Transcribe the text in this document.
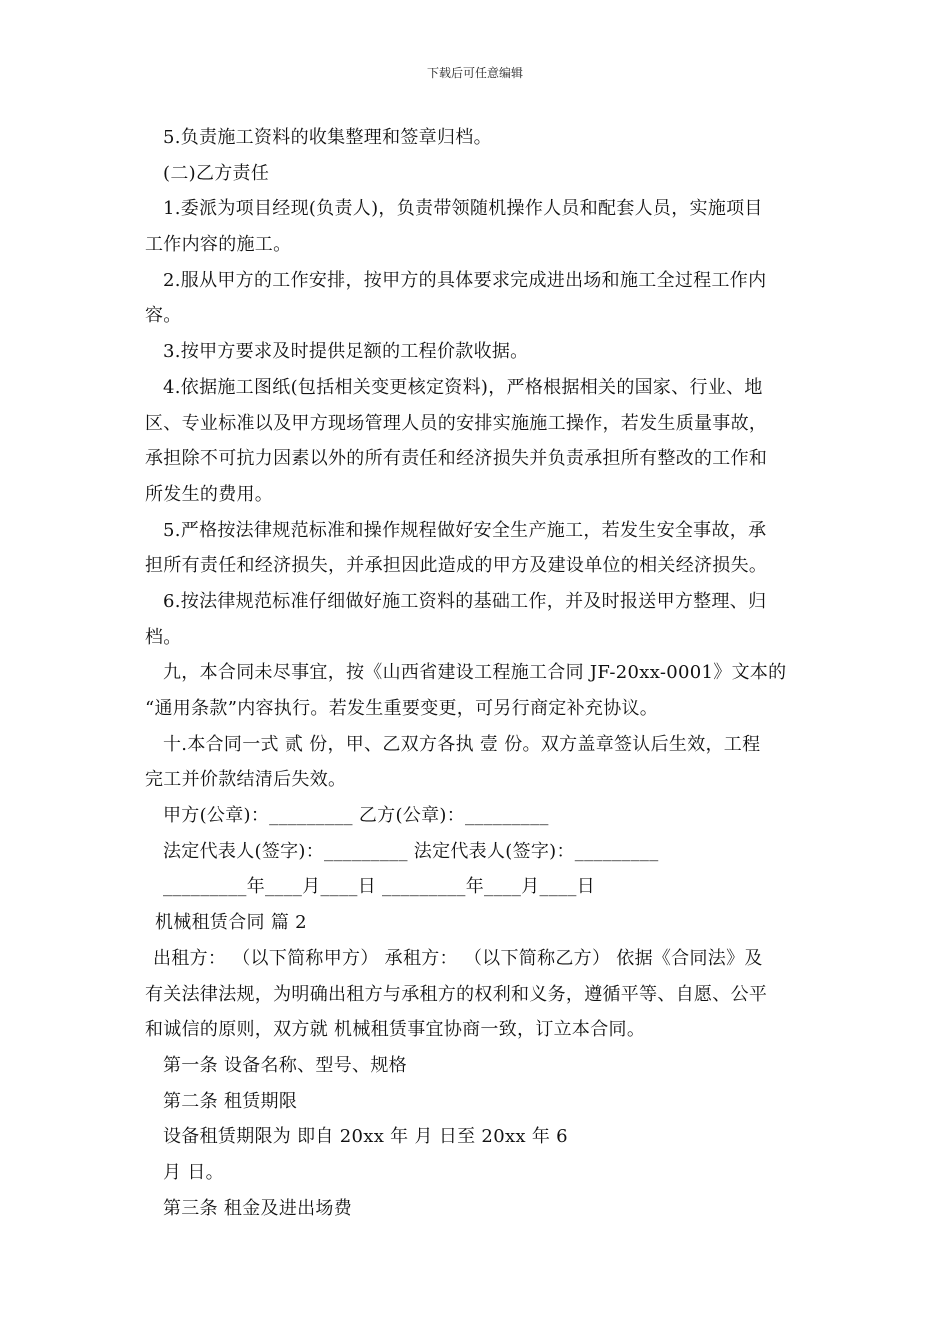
下载后可任意编辑
5.负责施工资料的收集整理和签章归档。
(二)乙方责任
1.委派为项目经现(负责人)，负责带领随机操作人员和配套人员，实施项目
工作内容的施工。
2.服从甲方的工作安排，按甲方的具体要求完成进出场和施工全过程工作内
容。
3.按甲方要求及时提供足额的工程价款收据。
4.依据施工图纸(包括相关变更核定资料)，严格根据相关的国家、行业、地
区、专业标准以及甲方现场管理人员的安排实施施工操作，若发生质量事故，
承担除不可抗力因素以外的所有责任和经济损失并负责承担所有整改的工作和
所发生的费用。
5.严格按法律规范标准和操作规程做好安全生产施工，若发生安全事故，承
担所有责任和经济损失，并承担因此造成的甲方及建设单位的相关经济损失。
6.按法律规范标准仔细做好施工资料的基础工作，并及时报送甲方整理、归
档。
九，本合同未尽事宜，按《山西省建设工程施工合同 JF-20xx-0001》文本的
“通用条款”内容执行。若发生重要变更，可另行商定补充协议。
十.本合同一式 贰 份，甲、乙双方各执 壹 份。双方盖章签认后生效，工程
完工并价款结清后失效。
甲方(公章)：_________ 乙方(公章)：_________
法定代表人(签字)：_________ 法定代表人(签字)：_________
_________年____月____日 _________年____月____日
机械租赁合同 篇 2
出租方： （以下简称甲方） 承租方： （以下简称乙方） 依据《合同法》及
有关法律法规，为明确出租方与承租方的权利和义务，遵循平等、自愿、公平
和诚信的原则，双方就 机械租赁事宜协商一致，订立本合同。
第一条 设备名称、型号、规格
第二条 租赁期限
设备租赁期限为 即自 20xx 年 月 日至 20xx 年 6
月 日。
第三条 租金及进出场费
